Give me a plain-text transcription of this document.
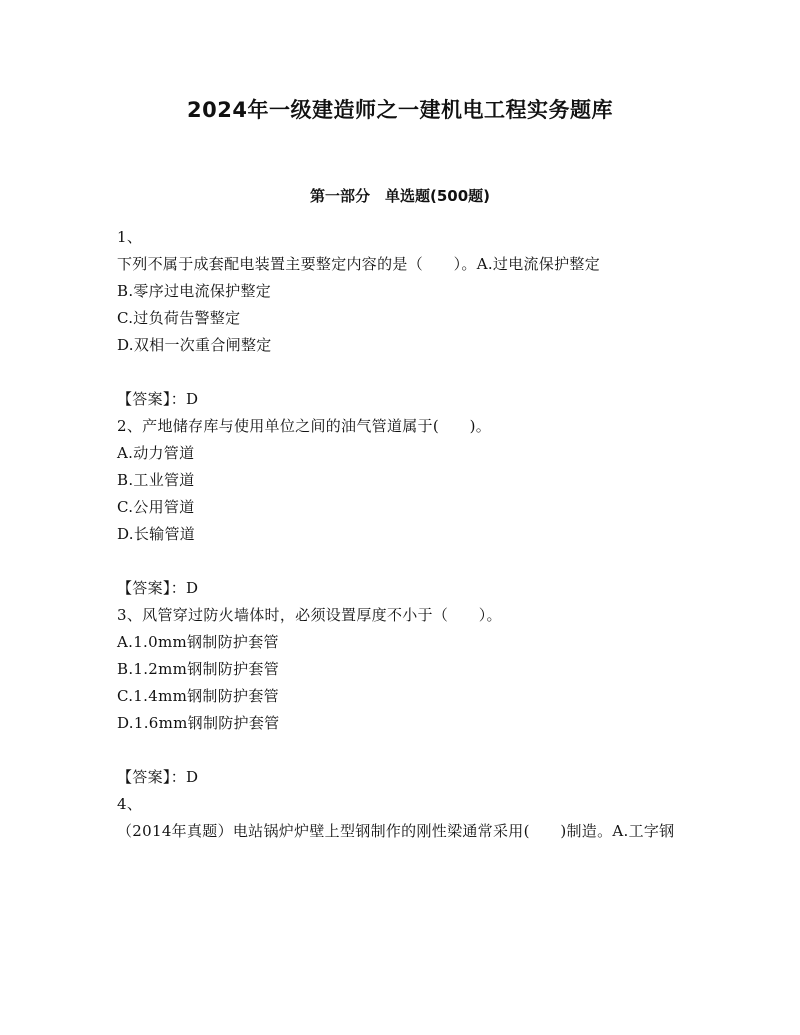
2024年一级建造师之一建机电工程实务题库
第一部分　单选题(500题)
1、
下列不属于成套配电装置主要整定内容的是（　　）。A.过电流保护整定
B.零序过电流保护整定
C.过负荷告警整定
D.双相一次重合闸整定
【答案】：D
2、产地储存库与使用单位之间的油气管道属于(　　)。
A.动力管道
B.工业管道
C.公用管道
D.长输管道
【答案】：D
3、风管穿过防火墙体时，必须设置厚度不小于（　　）。
A.1.0mm钢制防护套管
B.1.2mm钢制防护套管
C.1.4mm钢制防护套管
D.1.6mm钢制防护套管
【答案】：D
4、
（2014年真题）电站锅炉炉壁上型钢制作的刚性梁通常采用(　　)制造。A.工字钢
